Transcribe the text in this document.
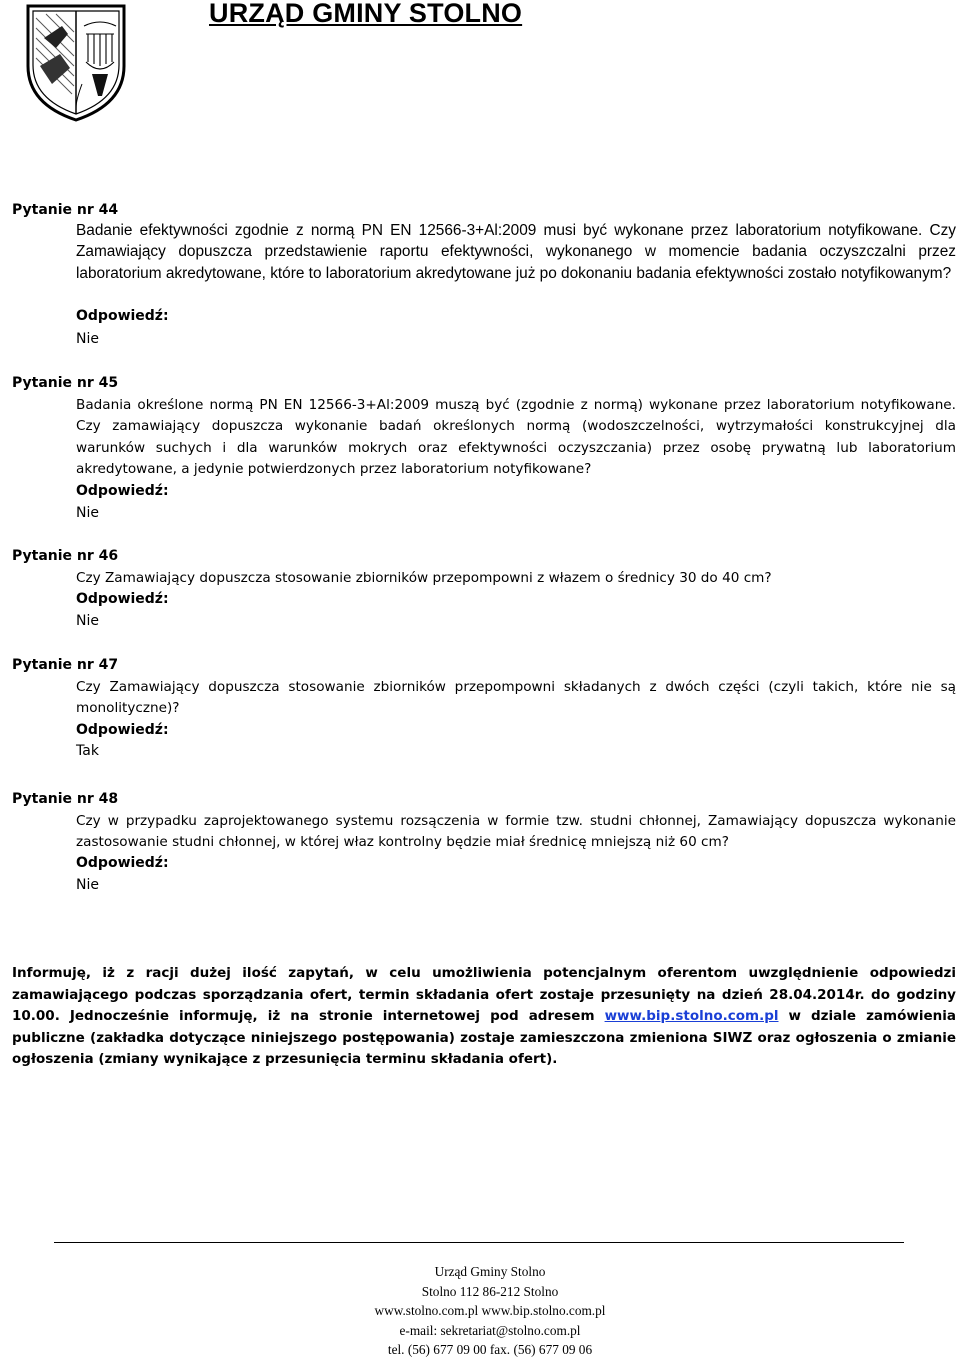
URZĄD GMINY STOLNO
Pytanie nr 44
Badanie efektywności zgodnie z normą PN EN 12566-3+Al:2009 musi być wykonane przez laboratorium notyfikowane. Czy Zamawiający dopuszcza przedstawienie raportu efektywności, wykonanego w momencie badania oczyszczalni przez laboratorium akredytowane, które to laboratorium akredytowane już po dokonaniu badania efektywności zostało notyfikowanym?
Odpowiedź:
Nie
Pytanie nr 45
Badania określone normą PN EN 12566-3+Al:2009 muszą być (zgodnie z normą) wykonane przez laboratorium notyfikowane. Czy zamawiający dopuszcza wykonanie badań określonych normą (wodoszczelności, wytrzymałości konstrukcyjnej dla warunków suchych i dla warunków mokrych oraz efektywności oczyszczania) przez osobę prywatną lub laboratorium akredytowane, a jedynie potwierdzonych przez laboratorium notyfikowane?
Odpowiedź:
Nie
Pytanie nr 46
Czy Zamawiający dopuszcza stosowanie zbiorników przepompowni z włazem o średnicy 30 do 40 cm?
Odpowiedź:
Nie
Pytanie nr 47
Czy Zamawiający dopuszcza stosowanie zbiorników przepompowni składanych z dwóch części (czyli takich, które nie są monolityczne)?
Odpowiedź:
Tak
Pytanie nr 48
Czy w przypadku zaprojektowanego systemu rozsączenia w formie tzw. studni chłonnej, Zamawiający dopuszcza wykonanie zastosowanie studni chłonnej, w której właz kontrolny będzie miał średnicę mniejszą niż 60 cm?
Odpowiedź:
Nie
Informuję, iż z racji dużej ilość zapytań, w celu umożliwienia potencjalnym oferentom uwzględnienie odpowiedzi zamawiającego podczas sporządzania ofert, termin składania ofert zostaje przesunięty na dzień 28.04.2014r. do godziny 10.00. Jednocześnie informuję, iż na stronie internetowej pod adresem www.bip.stolno.com.pl w dziale zamówienia publiczne (zakładka dotyczące niniejszego postępowania) zostaje zamieszczona zmieniona SIWZ oraz ogłoszenia o zmianie ogłoszenia (zmiany wynikające z przesunięcia terminu składania ofert).
Urząd Gminy Stolno
Stolno 112 86-212 Stolno
www.stolno.com.pl www.bip.stolno.com.pl
e-mail: sekretariat@stolno.com.pl
tel. (56) 677 09 00 fax. (56) 677 09 06
